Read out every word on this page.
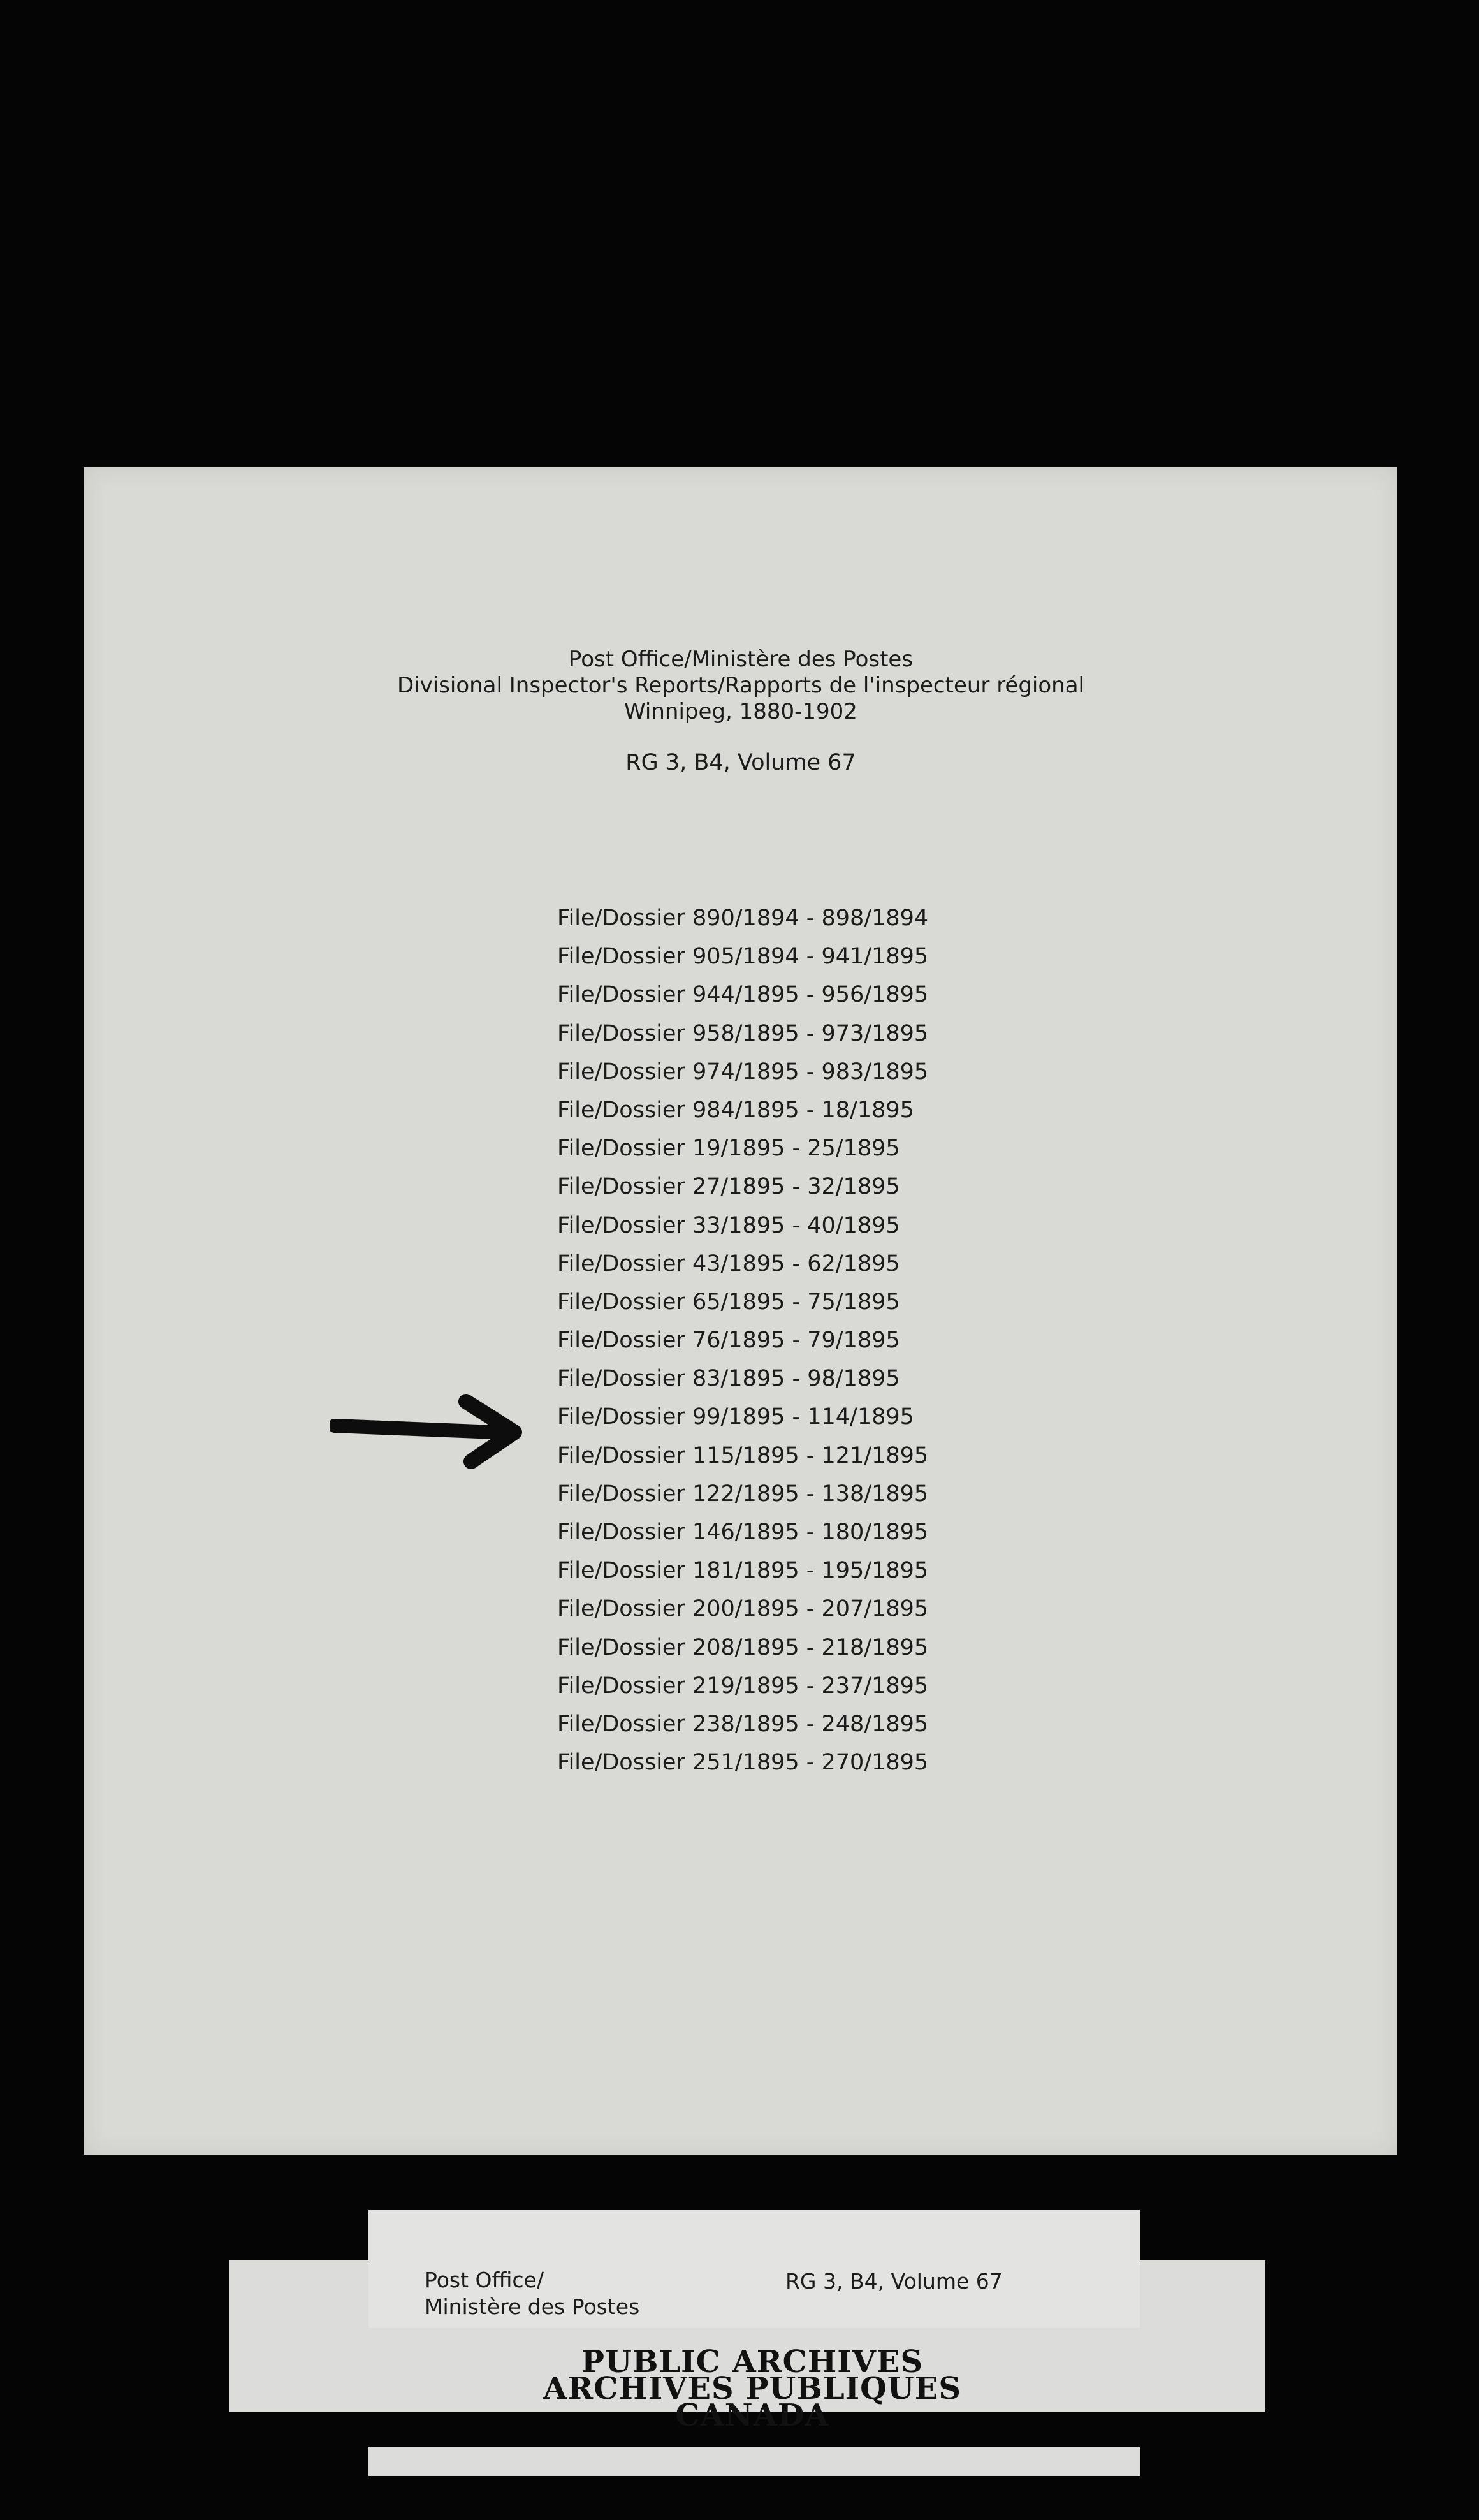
Post Office/Ministère des Postes
Divisional Inspector's Reports/Rapports de l'inspecteur régional
Winnipeg, 1880-1902
RG 3, B4, Volume 67
File/Dossier 890/1894 - 898/1894
File/Dossier 905/1894 - 941/1895
File/Dossier 944/1895 - 956/1895
File/Dossier 958/1895 - 973/1895
File/Dossier 974/1895 - 983/1895
File/Dossier 984/1895 - 18/1895
File/Dossier 19/1895 - 25/1895
File/Dossier 27/1895 - 32/1895
File/Dossier 33/1895 - 40/1895
File/Dossier 43/1895 - 62/1895
File/Dossier 65/1895 - 75/1895
File/Dossier 76/1895 - 79/1895
File/Dossier 83/1895 - 98/1895
File/Dossier 99/1895 - 114/1895
File/Dossier 115/1895 - 121/1895
File/Dossier 122/1895 - 138/1895
File/Dossier 146/1895 - 180/1895
File/Dossier 181/1895 - 195/1895
File/Dossier 200/1895 - 207/1895
File/Dossier 208/1895 - 218/1895
File/Dossier 219/1895 - 237/1895
File/Dossier 238/1895 - 248/1895
File/Dossier 251/1895 - 270/1895
Post Office/
Ministère des Postes
RG 3, B4, Volume 67
PUBLIC ARCHIVES
ARCHIVES PUBLIQUES
CANADA
